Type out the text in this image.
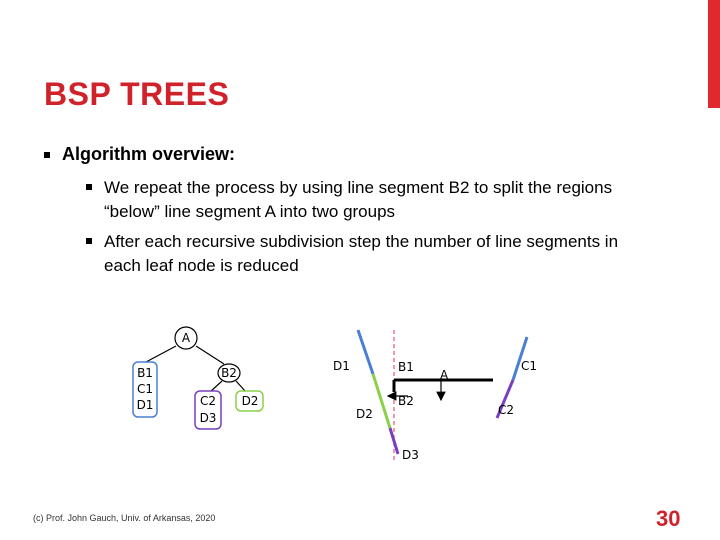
BSP TREES
Algorithm overview:
We repeat the process by using line segment B2 to split the regions “below” line segment A into two groups
After each recursive subdivision step the number of line segments in each leaf node is reduced
A
B1
C1
D1
B2
C2
D3
D2
D1	B1
A
C1
B2
D2	C2
D3
(c) Prof. John Gauch, Univ. of Arkansas, 2020	30
